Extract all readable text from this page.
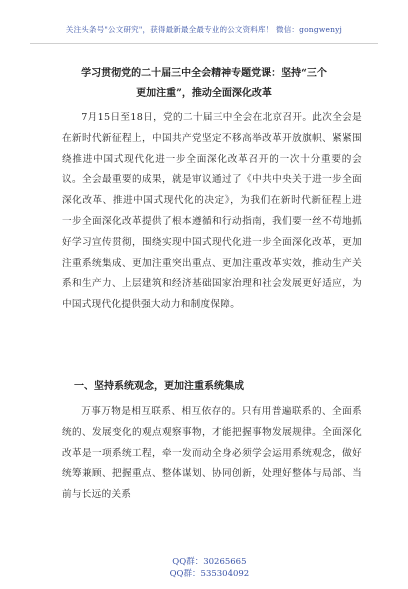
关注头条号"公文研究"，获得最新最全最专业的公文资料库！ 微信：gongwenyj
学习贯彻党的二十届三中全会精神专题党课：坚持“三个
更加注重”，推动全面深化改革
7月15日至18日，党的二十届三中全会在北京召开。此次全会是在新时代新征程上，中国共产党坚定不移高举改革开放旗帜、紧紧围绕推进中国式现代化进一步全面深化改革召开的一次十分重要的会议。全会最重要的成果，就是审议通过了《中共中央关于进一步全面深化改革、推进中国式现代化的决定》，为我们在新时代新征程上进一步全面深化改革提供了根本遵循和行动指南，我们要一丝不苟地抓好学习宣传贯彻，围绕实现中国式现代化进一步全面深化改革，更加注重系统集成、更加注重突出重点、更加注重改革实效，推动生产关系和生产力、上层建筑和经济基础国家治理和社会发展更好适应，为中国式现代化提供强大动力和制度保障。
一、坚持系统观念，更加注重系统集成
万事万物是相互联系、相互依存的。只有用普遍联系的、全面系统的、发展变化的观点观察事物，才能把握事物发展规律。全面深化改革是一项系统工程，牵一发而动全身必须学会运用系统观念，做好统筹兼顾、把握重点、整体谋划、协同创新，处理好整体与局部、当前与长远的关系

QQ群：30265665
QQ群：535304092
